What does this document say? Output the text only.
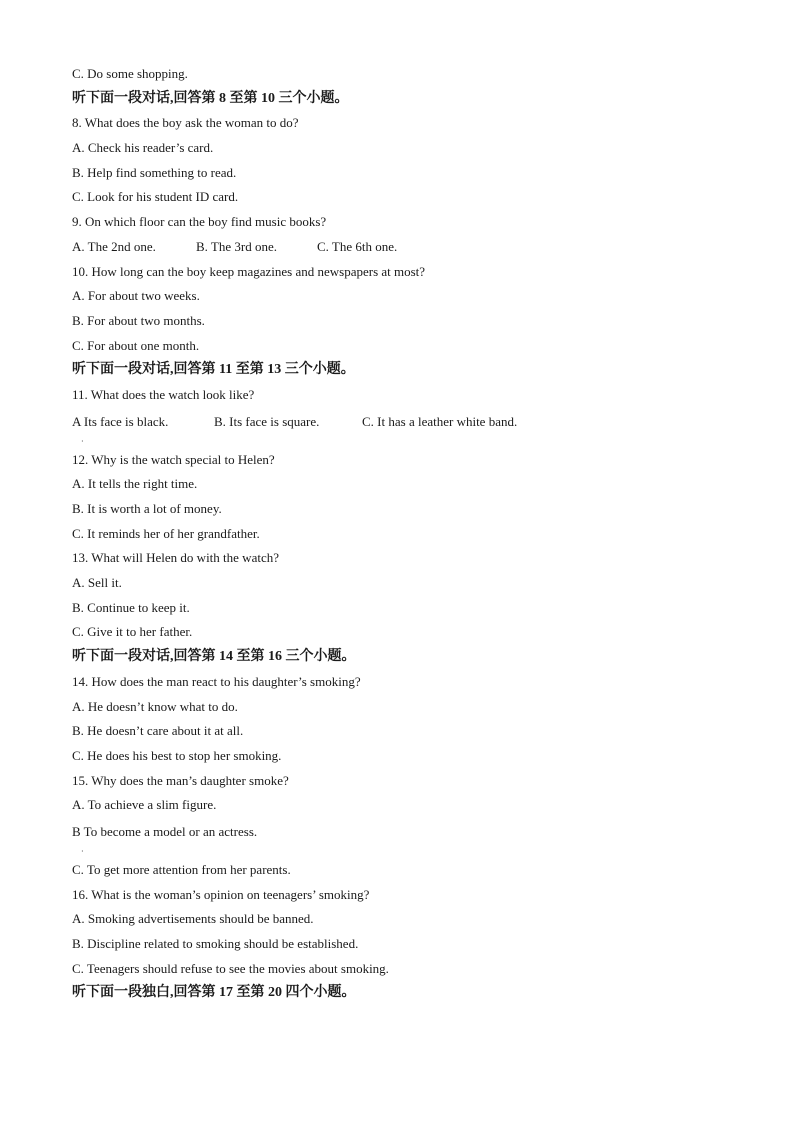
C. Do some shopping.
听下面一段对话,回答第 8 至第 10 三个小题。
8. What does the boy ask the woman to do?
A. Check his reader’s card.
B. Help find something to read.
C. Look for his student ID card.
9. On which floor can the boy find music books?
A. The 2nd one.	B. The 3rd one.	C. The 6th one.
10. How long can the boy keep magazines and newspapers at most?
A. For about two weeks.
B. For about two months.
C. For about one month.
听下面一段对话,回答第 11 至第 13 三个小题。
11. What does the watch look like?
A Its face is black.	B. Its face is square.	C. It has a leather white band.
·
12. Why is the watch special to Helen?
A. It tells the right time.
B. It is worth a lot of money.
C. It reminds her of her grandfather.
13. What will Helen do with the watch?
A. Sell it.
B. Continue to keep it.
C. Give it to her father.
听下面一段对话,回答第 14 至第 16 三个小题。
14. How does the man react to his daughter’s smoking?
A. He doesn’t know what to do.
B. He doesn’t care about it at all.
C. He does his best to stop her smoking.
15. Why does the man’s daughter smoke?
A. To achieve a slim figure.
B To become a model or an actress.
·
C. To get more attention from her parents.
16. What is the woman’s opinion on teenagers’ smoking?
A. Smoking advertisements should be banned.
B. Discipline related to smoking should be established.
C. Teenagers should refuse to see the movies about smoking.
听下面一段独白,回答第 17 至第 20 四个小题。
